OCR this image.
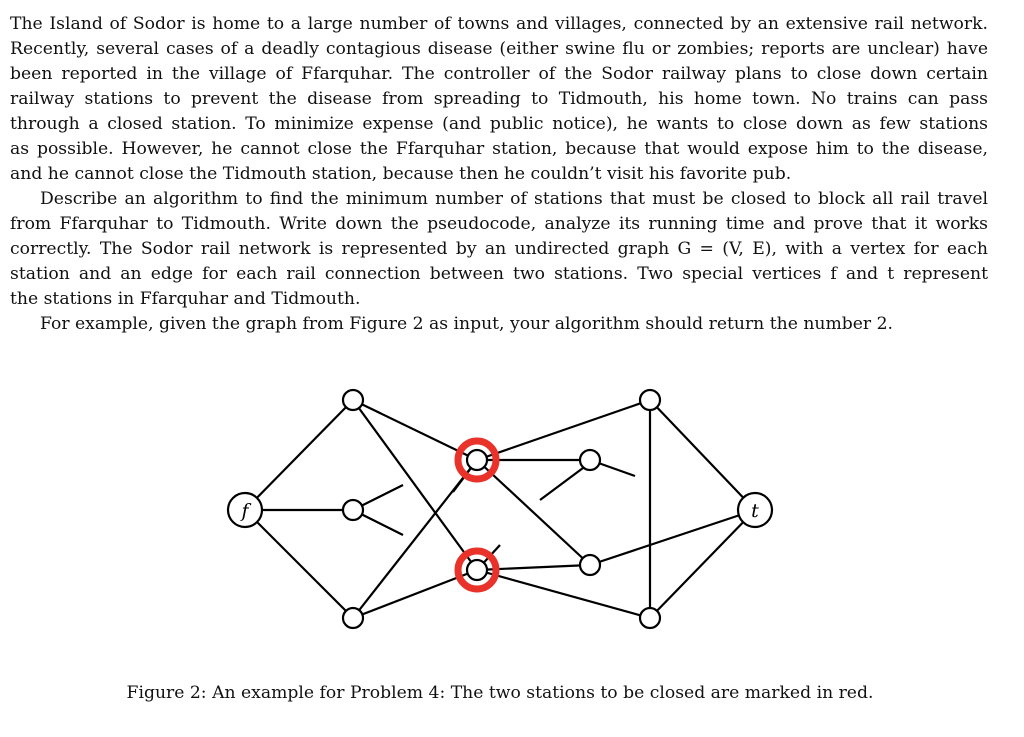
The Island of Sodor is home to a large number of towns and villages, connected by an extensive rail network.
Recently, several cases of a deadly contagious disease (either swine flu or zombies; reports are unclear) have
been reported in the village of Ffarquhar. The controller of the Sodor railway plans to close down certain
railway stations to prevent the disease from spreading to Tidmouth, his home town. No trains can pass
through a closed station. To minimize expense (and public notice), he wants to close down as few stations
as possible. However, he cannot close the Ffarquhar station, because that would expose him to the disease,
and he cannot close the Tidmouth station, because then he couldn’t visit his favorite pub.

Describe an algorithm to find the minimum number of stations that must be closed to block all rail travel
from Ffarquhar to Tidmouth. Write down the pseudocode, analyze its running time and prove that it works
correctly. The Sodor rail network is represented by an undirected graph G = (V, E), with a vertex for each
station and an edge for each rail connection between two stations. Two special vertices f and t represent
the stations in Ffarquhar and Tidmouth.

For example, given the graph from Figure 2 as input, your algorithm should return the number 2.

f	t
Figure 2: An example for Problem 4: The two stations to be closed are marked in red.
